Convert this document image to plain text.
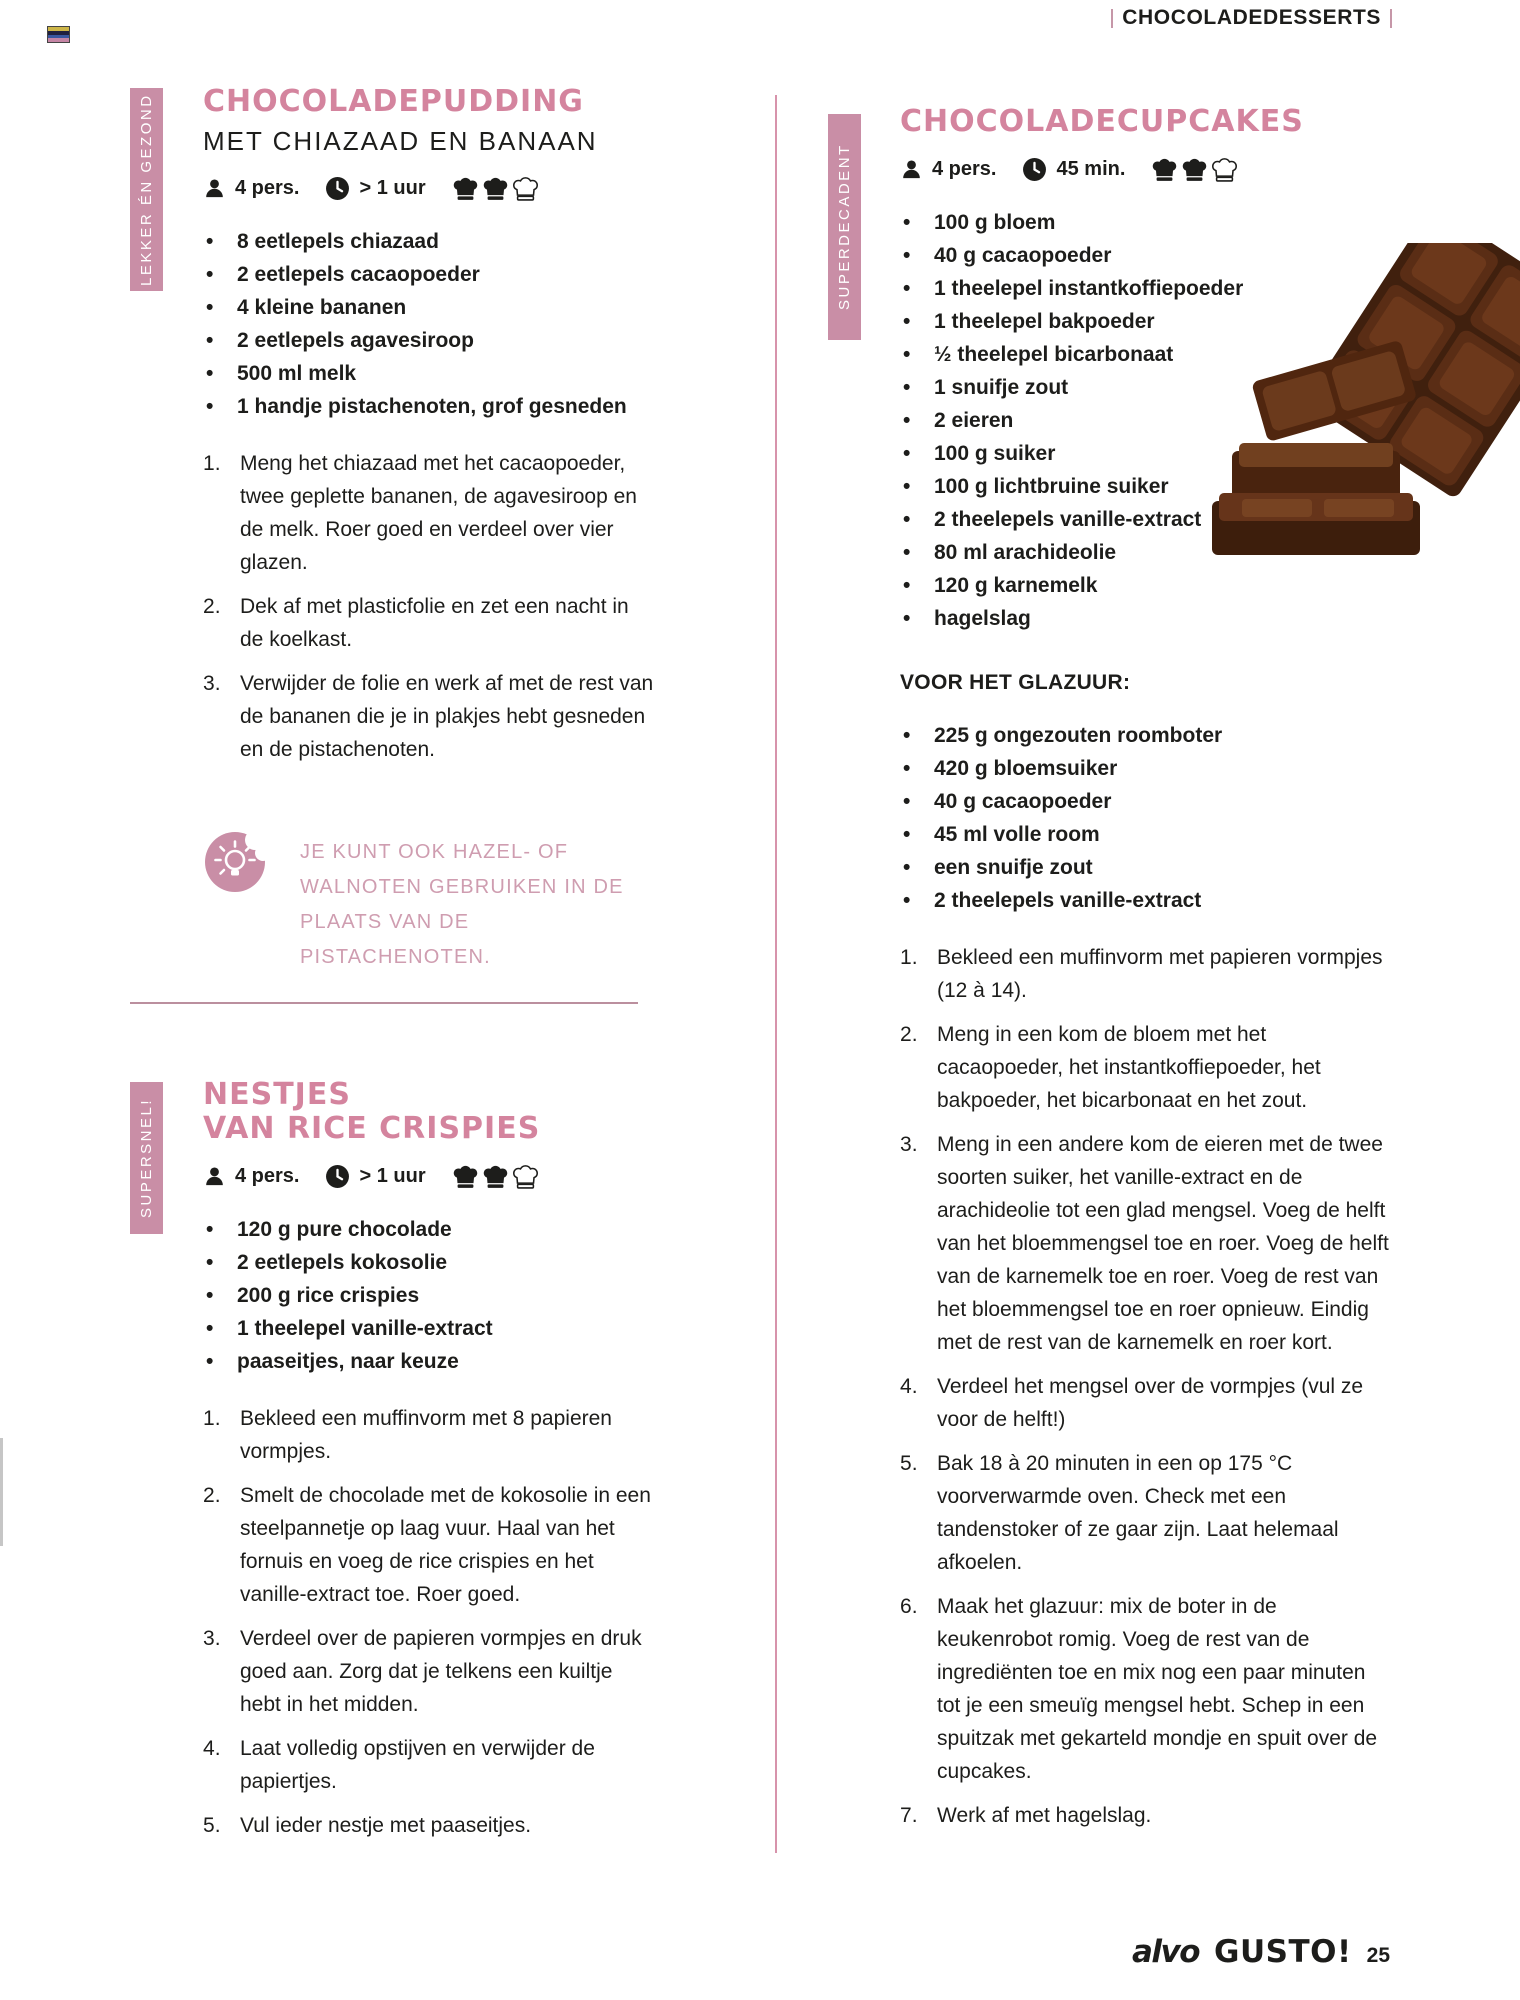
CHOCOLADEDESSERTS
LEKKER ÉN GEZOND
SUPERSNEL!
SUPERDECADENT
CHOCOLADEPUDDING
MET CHIAZAAD EN BANAAN
4 pers.	> 1 uur
• 8 eetlepels chiazaad
• 2 eetlepels cacaopoeder
• 4 kleine bananen
• 2 eetlepels agavesiroop
• 500 ml melk
• 1 handje pistachenoten, grof gesneden
Meng het chiazaad met het cacaopoeder, twee geplette bananen, de agavesiroop en de melk. Roer goed en verdeel over vier glazen.
Dek af met plasticfolie en zet een nacht in de koelkast.
Verwijder de folie en werk af met de rest van de bananen die je in plakjes hebt gesneden en de pistachenoten.
JE KUNT OOK HAZEL- OF WALNOTEN GEBRUIKEN IN DE PLAATS VAN DE PISTACHENOTEN.
NESTJES
VAN RICE CRISPIES
4 pers.	> 1 uur
• 120 g pure chocolade
• 2 eetlepels kokosolie
• 200 g rice crispies
• 1 theelepel vanille-extract
• paaseitjes, naar keuze
Bekleed een muffinvorm met 8 papieren vormpjes.
Smelt de chocolade met de kokosolie in een steelpannetje op laag vuur. Haal van het fornuis en voeg de rice crispies en het vanille-extract toe. Roer goed.
Verdeel over de papieren vormpjes en druk goed aan. Zorg dat je telkens een kuiltje hebt in het midden.
Laat volledig opstijven en verwijder de papiertjes.
Vul ieder nestje met paaseitjes.
CHOCOLADECUPCAKES
4 pers.	45 min.
• 100 g bloem
• 40 g cacaopoeder
• 1 theelepel instantkoffiepoeder
• 1 theelepel bakpoeder
• ½ theelepel bicarbonaat
• 1 snuifje zout
• 2 eieren
• 100 g suiker
• 100 g lichtbruine suiker
• 2 theelepels vanille-extract
• 80 ml arachideolie
• 120 g karnemelk
• hagelslag
VOOR HET GLAZUUR:
• 225 g ongezouten roomboter
• 420 g bloemsuiker
• 40 g cacaopoeder
• 45 ml volle room
• een snuifje zout
• 2 theelepels vanille-extract
Bekleed een muffinvorm met papieren vormpjes (12 à 14).
Meng in een kom de bloem met het cacaopoeder, het instantkoffiepoeder, het bakpoeder, het bicarbonaat en het zout.
Meng in een andere kom de eieren met de twee soorten suiker, het vanille-extract en de arachideolie tot een glad mengsel. Voeg de helft van het bloemmengsel toe en roer. Voeg de helft van de karnemelk toe en roer. Voeg de rest van het bloemmengsel toe en roer opnieuw. Eindig met de rest van de karnemelk en roer kort.
Verdeel het mengsel over de vormpjes (vul ze voor de helft!)
Bak 18 à 20 minuten in een op 175 °C voorverwarmde oven. Check met een tandenstoker of ze gaar zijn. Laat helemaal afkoelen.
Maak het glazuur: mix de boter in de keukenrobot romig. Voeg de rest van de ingrediënten toe en mix nog een paar minuten tot je een smeuïg mengsel hebt. Schep in een spuitzak met gekarteld mondje en spuit over de cupcakes.
Werk af met hagelslag.
alvo GUSTO! 25
